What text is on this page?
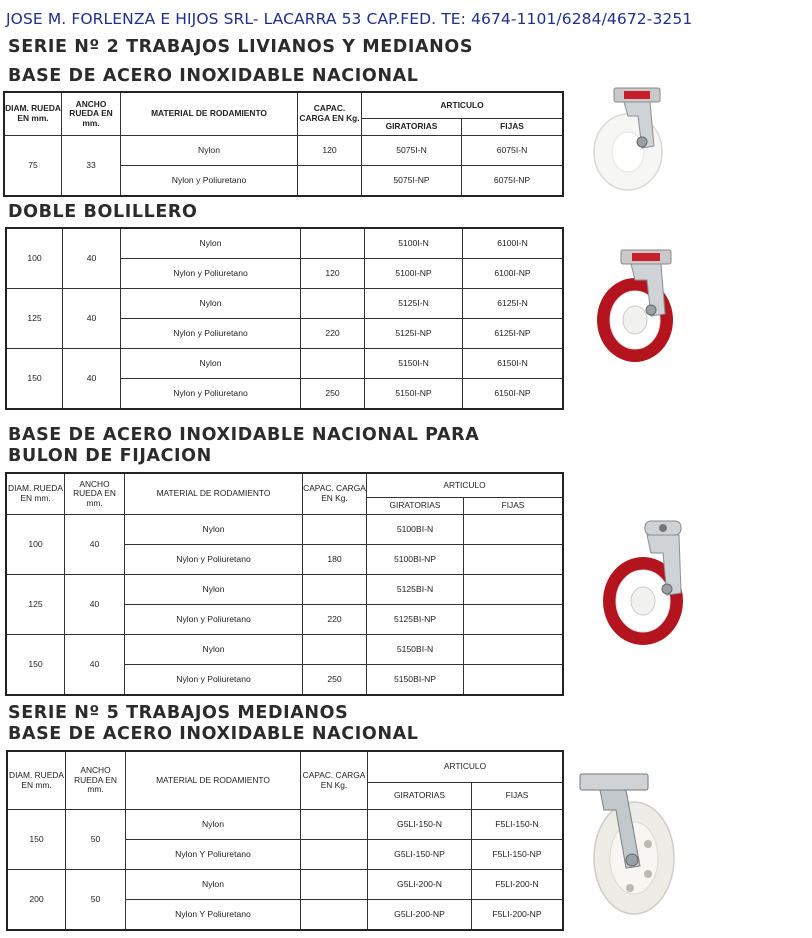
JOSE M. FORLENZA E HIJOS SRL- LACARRA 53 CAP.FED. TE: 4674-1101/6284/4672-3251
SERIE Nº 2 TRABAJOS LIVIANOS Y MEDIANOS
BASE DE ACERO INOXIDABLE NACIONAL
DIAM. RUEDA EN mm.	ANCHO RUEDA EN mm.	MATERIAL DE RODAMIENTO	CAPAC. CARGA EN Kg.	ARTICULO	
				GIRATORIAS	FIJAS
75	33	Nylon	120	5075I-N	6075I-N
		Nylon y Poliuretano		5075I-NP	6075I-NP
DOBLE BOLILLERO
100	40	Nylon		5100I-N	6100I-N
		Nylon y Poliuretano	120	5100I-NP	6100I-NP
125	40	Nylon		5125I-N	6125I-N
		Nylon y Poliuretano	220	5125I-NP	6125I-NP
150	40	Nylon		5150I-N	6150I-N
		Nylon y Poliuretano	250	5150I-NP	6150I-NP
BASE DE ACERO INOXIDABLE NACIONAL PARA
BULON DE FIJACION
DIAM. RUEDA EN mm.	ANCHO RUEDA EN mm.	MATERIAL DE RODAMIENTO	CAPAC. CARGA EN Kg.	ARTICULO	
				GIRATORIAS	FIJAS
100	40	Nylon		5100BI-N	
		Nylon y Poliuretano	180	5100BI-NP	
125	40	Nylon		5125BI-N	
		Nylon y Poliuretano	220	5125BI-NP	
150	40	Nylon		5150BI-N	
		Nylon y Poliuretano	250	5150BI-NP	
SERIE Nº 5 TRABAJOS MEDIANOS
BASE DE ACERO INOXIDABLE NACIONAL
DIAM. RUEDA EN mm.	ANCHO RUEDA EN mm.	MATERIAL DE RODAMIENTO	CAPAC. CARGA EN Kg.	ARTICULO	
				GIRATORIAS	FIJAS
150	50	Nylon		G5LI-150-N	F5LI-150-N
		Nylon Y Poliuretano		G5LI-150-NP	F5LI-150-NP
200	50	Nylon		G5LI-200-N	F5LI-200-N
		Nylon Y Poliuretano		G5LI-200-NP	F5LI-200-NP
